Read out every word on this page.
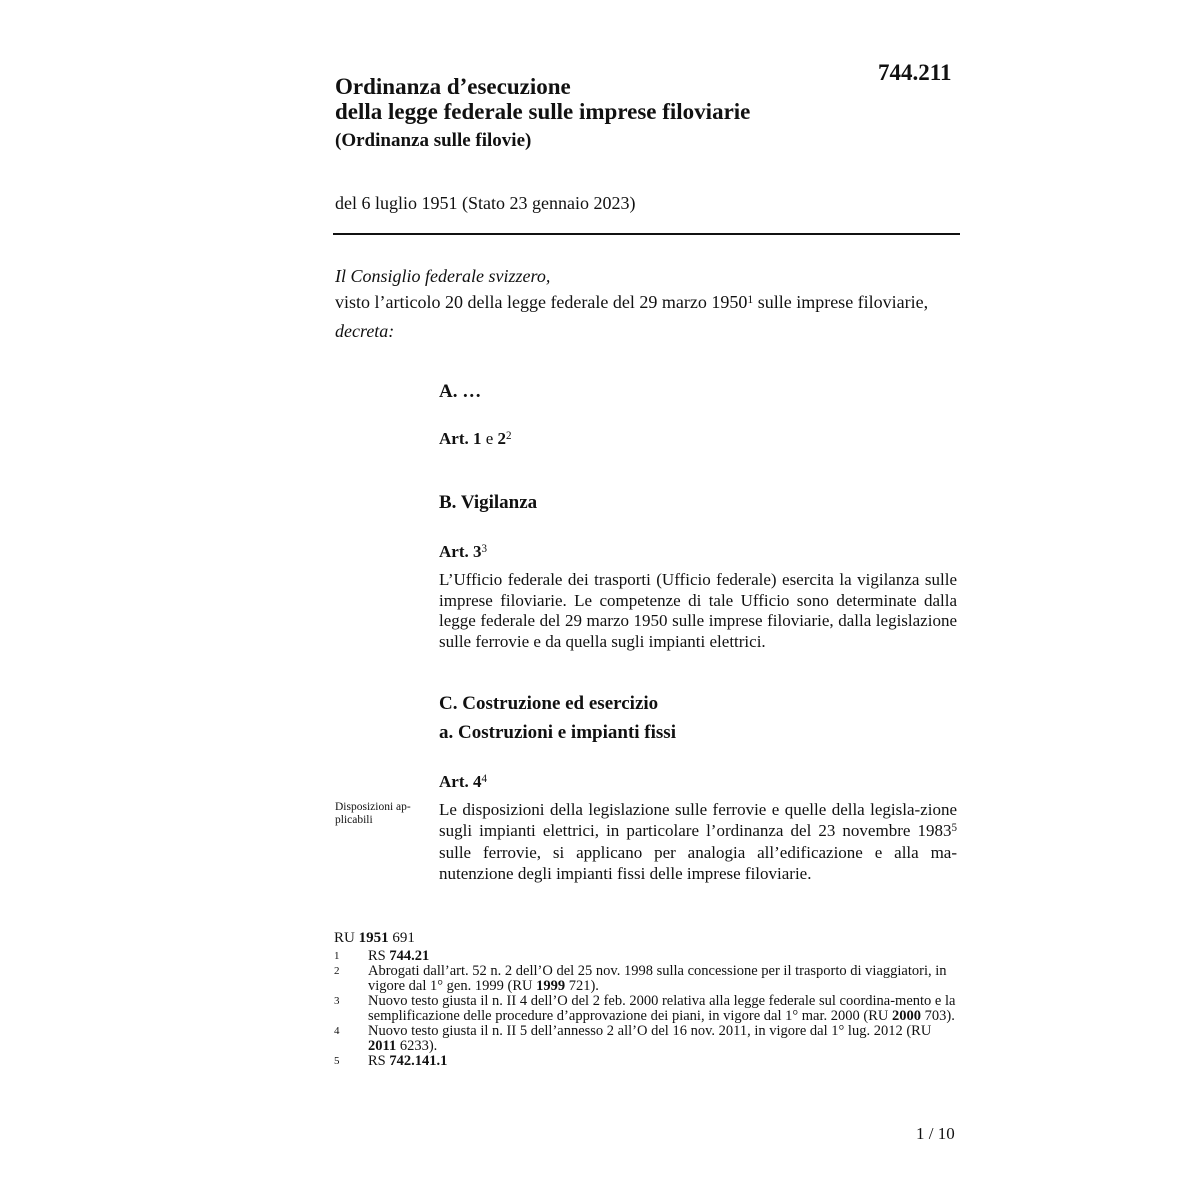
744.211
Ordinanza d’esecuzione
della legge federale sulle imprese filoviarie
(Ordinanza sulle filovie)
del 6 luglio 1951 (Stato 23 gennaio 2023)
Il Consiglio federale svizzero,
visto l’articolo 20 della legge federale del 29 marzo 1950$^1$ sulle imprese filoviarie,
decreta:
A. …
Art. 1 e $2^2$
B. Vigilanza
Art. $3^3$
L’Ufficio federale dei trasporti (Ufficio federale) esercita la vigilanza sulle imprese filoviarie. Le competenze di tale Ufficio sono determinate dalla legge federale del 29 marzo 1950 sulle imprese filoviarie, dalla legislazione sulle ferrovie e da quella sugli impianti elettrici.
C. Costruzione ed esercizio
a. Costruzioni e impianti fissi
Art. $4^4$
Disposizioni ap-
plicabili
Le disposizioni della legislazione sulle ferrovie e quelle della legisla-zione sugli impianti elettrici, in particolare l’ordinanza del 23 novembre 1983$^5$ sulle ferrovie, si applicano per analogia all’edificazione e alla ma-nutenzione degli impianti fissi delle imprese filoviarie.
RU 1951 691
1	RS 744.21
2	Abrogati dall’art. 52 n. 2 dell’O del 25 nov. 1998 sulla concessione per il trasporto di viaggiatori, in vigore dal 1° gen. 1999 (RU 1999 721).
3	Nuovo testo giusta il n. II 4 dell’O del 2 feb. 2000 relativa alla legge federale sul coordina-mento e la semplificazione delle procedure d’approvazione dei piani, in vigore dal 1° mar. 2000 (RU 2000 703).
4	Nuovo testo giusta il n. II 5 dell’annesso 2 all’O del 16 nov. 2011, in vigore dal 1° lug. 2012 (RU 2011 6233).
5	RS 742.141.1
1 / 10
